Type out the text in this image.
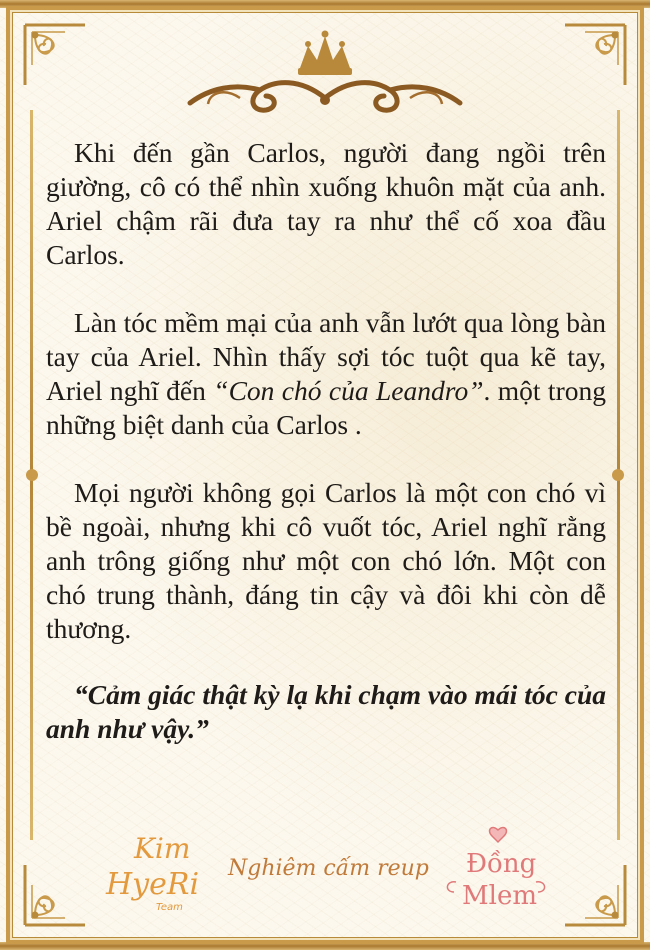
Khi đến gần Carlos, người đang ngồi trên giường, cô có thể nhìn xuống khuôn mặt của anh. Ariel chậm rãi đưa tay ra như thể cố xoa đầu Carlos.

Làn tóc mềm mại của anh vẫn lướt qua lòng bàn tay của Ariel. Nhìn thấy sợi tóc tuột qua kẽ tay, Ariel nghĩ đến “Con chó của Leandro”. một trong những biệt danh của Carlos .

Mọi người không gọi Carlos là một con chó vì bề ngoài, nhưng khi cô vuốt tóc, Ariel nghĩ rằng anh trông giống như một con chó lớn. Một con chó trung thành, đáng tin cậy và đôi khi còn dễ thương.

“Cảm giác thật kỳ lạ khi chạm vào mái tóc của anh như vậy.”

Kim
HyeRi
Team
Nghiêm cấm reup Đồng
Mlem
